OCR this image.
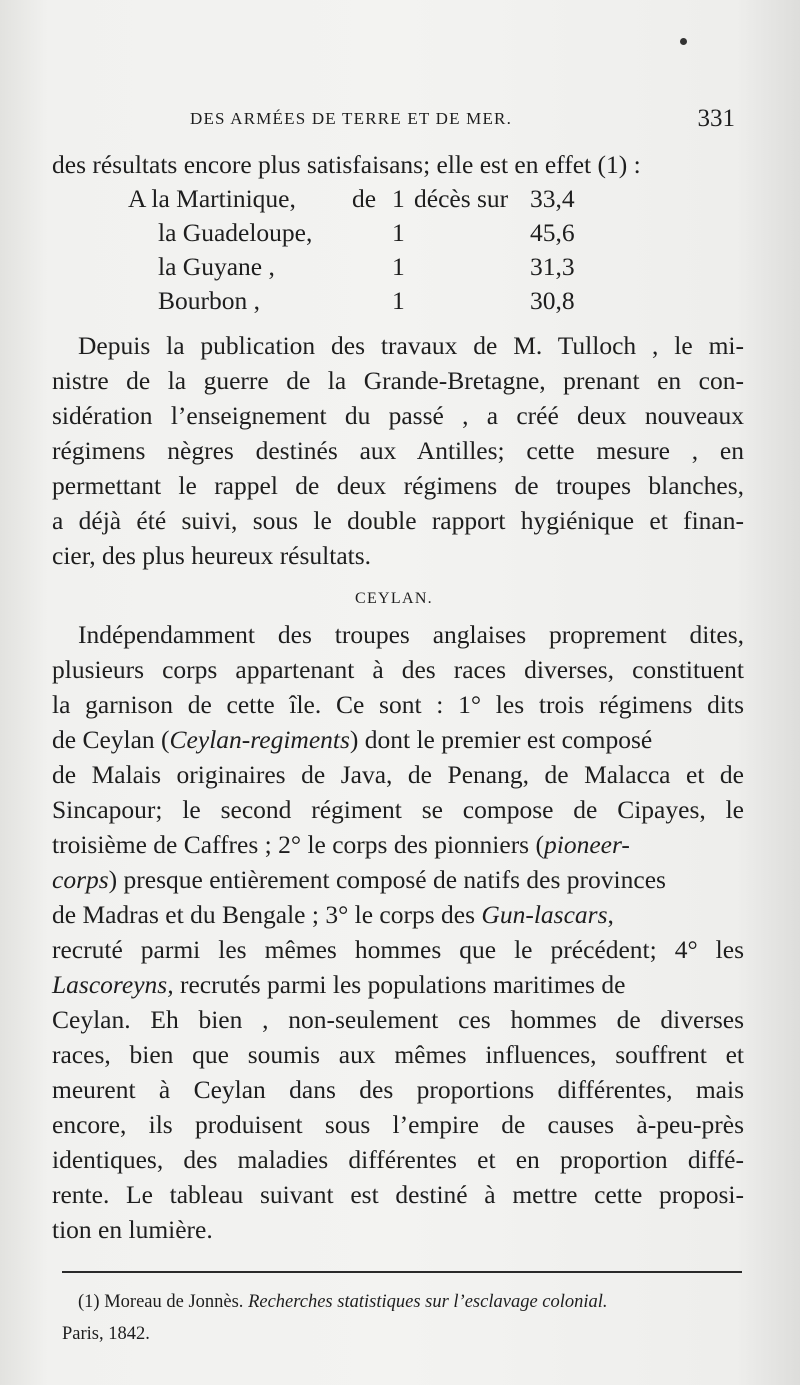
DES ARMÉES DE TERRE ET DE MER.	331
des résultats encore plus satisfaisans; elle est en effet (1) :
A la Martinique, de 1 décès sur 33,4
la Guadeloupe,	1	45,6
la Guyane ,	1	31,3
Bourbon ,	1	30,8
Depuis la publication des travaux de M. Tulloch , le mi-
nistre de la guerre de la Grande-Bretagne, prenant en con-
sidération l’enseignement du passé , a créé deux nouveaux
régimens nègres destinés aux Antilles; cette mesure , en
permettant le rappel de deux régimens de troupes blanches,
a déjà été suivi, sous le double rapport hygiénique et finan-
cier, des plus heureux résultats.
CEYLAN.
Indépendamment des troupes anglaises proprement dites,
plusieurs corps appartenant à des races diverses, constituent
la garnison de cette île. Ce sont : 1° les trois régimens dits
de Ceylan (Ceylan-regiments) dont le premier est composé
de Malais originaires de Java, de Penang, de Malacca et de
Sincapour; le second régiment se compose de Cipayes, le
troisième de Caffres ; 2° le corps des pionniers (pioneer-
corps) presque entièrement composé de natifs des provinces
de Madras et du Bengale ; 3° le corps des Gun-lascars,
recruté parmi les mêmes hommes que le précédent; 4° les
Lascoreyns, recrutés parmi les populations maritimes de
Ceylan. Eh bien , non-seulement ces hommes de diverses
races, bien que soumis aux mêmes influences, souffrent et
meurent à Ceylan dans des proportions différentes, mais
encore, ils produisent sous l’empire de causes à-peu-près
identiques, des maladies différentes et en proportion diffé-
rente. Le tableau suivant est destiné à mettre cette proposi-
tion en lumière.
(1) Moreau de Jonnès. Recherches statistiques sur l’esclavage colonial.
Paris, 1842.
